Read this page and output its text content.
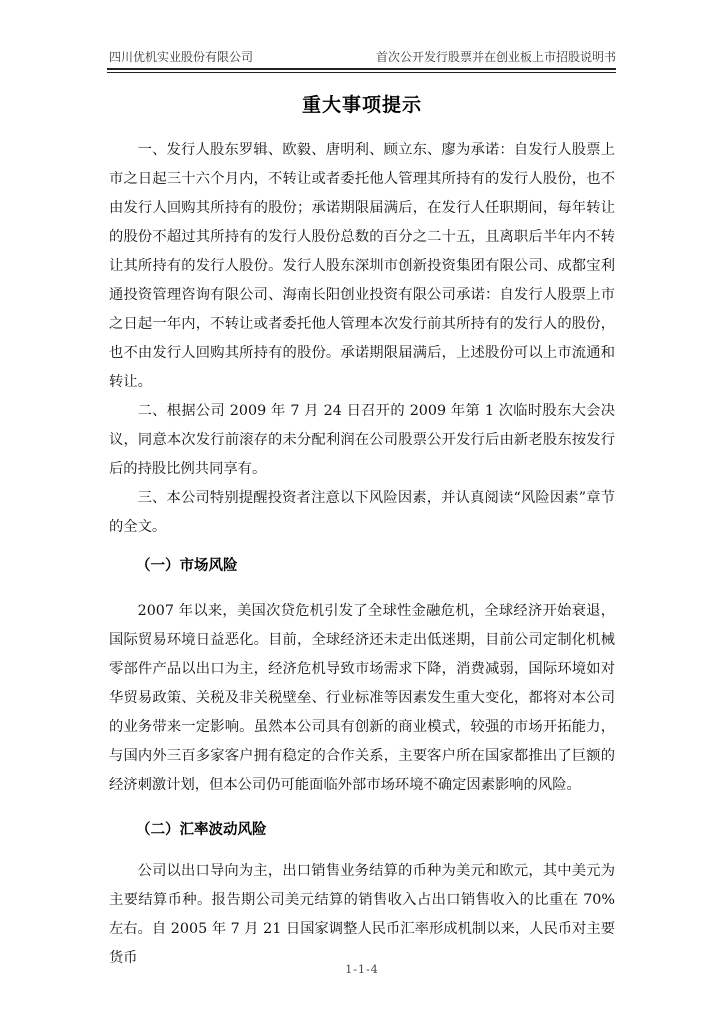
四川优机实业股份有限公司	首次公开发行股票并在创业板上市招股说明书
重大事项提示

一、发行人股东罗辑、欧毅、唐明利、顾立东、廖为承诺：自发行人股票上市之日起三十六个月内，不转让或者委托他人管理其所持有的发行人股份，也不由发行人回购其所持有的股份；承诺期限届满后，在发行人任职期间，每年转让的股份不超过其所持有的发行人股份总数的百分之二十五，且离职后半年内不转让其所持有的发行人股份。发行人股东深圳市创新投资集团有限公司、成都宝利通投资管理咨询有限公司、海南长阳创业投资有限公司承诺：自发行人股票上市之日起一年内，不转让或者委托他人管理本次发行前其所持有的发行人的股份，也不由发行人回购其所持有的股份。承诺期限届满后，上述股份可以上市流通和转让。

二、根据公司 2009 年 7 月 24 日召开的 2009 年第 1 次临时股东大会决议，同意本次发行前滚存的未分配利润在公司股票公开发行后由新老股东按发行后的持股比例共同享有。

三、本公司特别提醒投资者注意以下风险因素，并认真阅读“风险因素”章节的全文。

（一）市场风险

2007 年以来，美国次贷危机引发了全球性金融危机，全球经济开始衰退，国际贸易环境日益恶化。目前，全球经济还未走出低迷期，目前公司定制化机械零部件产品以出口为主，经济危机导致市场需求下降，消费减弱，国际环境如对华贸易政策、关税及非关税壁垒、行业标准等因素发生重大变化，都将对本公司的业务带来一定影响。虽然本公司具有创新的商业模式，较强的市场开拓能力，与国内外三百多家客户拥有稳定的合作关系，主要客户所在国家都推出了巨额的经济刺激计划，但本公司仍可能面临外部市场环境不确定因素影响的风险。

（二）汇率波动风险

公司以出口导向为主，出口销售业务结算的币种为美元和欧元，其中美元为主要结算币种。报告期公司美元结算的销售收入占出口销售收入的比重在 70%左右。自 2005 年 7 月 21 日国家调整人民币汇率形成机制以来，人民币对主要货币

1-1-4
